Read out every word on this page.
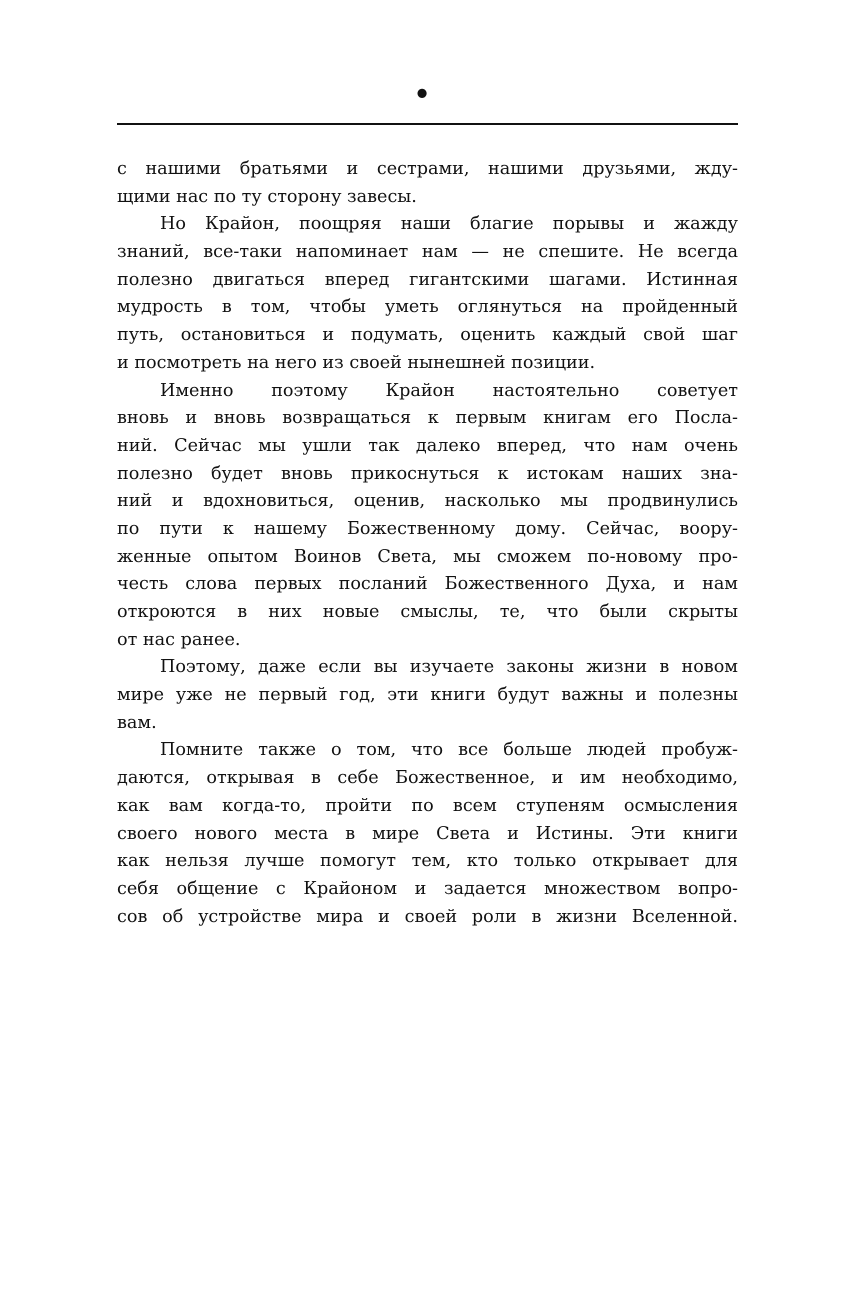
•
с нашими братьями и сестрами, нашими друзьями, жду-
щими нас по ту сторону завесы.
Но Крайон, поощряя наши благие порывы и жажду
знаний, все-таки напоминает нам — не спешите. Не всегда
полезно двигаться вперед гигантскими шагами. Истинная
мудрость в том, чтобы уметь оглянуться на пройденный
путь, остановиться и подумать, оценить каждый свой шаг
и посмотреть на него из своей нынешней позиции.
Именно поэтому Крайон настоятельно советует
вновь и вновь возвращаться к первым книгам его Посла-
ний. Сейчас мы ушли так далеко вперед, что нам очень
полезно будет вновь прикоснуться к истокам наших зна-
ний и вдохновиться, оценив, насколько мы продвинулись
по пути к нашему Божественному дому. Сейчас, воору-
женные опытом Воинов Света, мы сможем по-новому про-
честь слова первых посланий Божественного Духа, и нам
откроются в них новые смыслы, те, что были скрыты
от нас ранее.
Поэтому, даже если вы изучаете законы жизни в новом
мире уже не первый год, эти книги будут важны и полезны
вам.
Помните также о том, что все больше людей пробуж-
даются, открывая в себе Божественное, и им необходимо,
как вам когда-то, пройти по всем ступеням осмысления
своего нового места в мире Света и Истины. Эти книги
как нельзя лучше помогут тем, кто только открывает для
себя общение с Крайоном и задается множеством вопро-
сов об устройстве мира и своей роли в жизни Вселенной.
